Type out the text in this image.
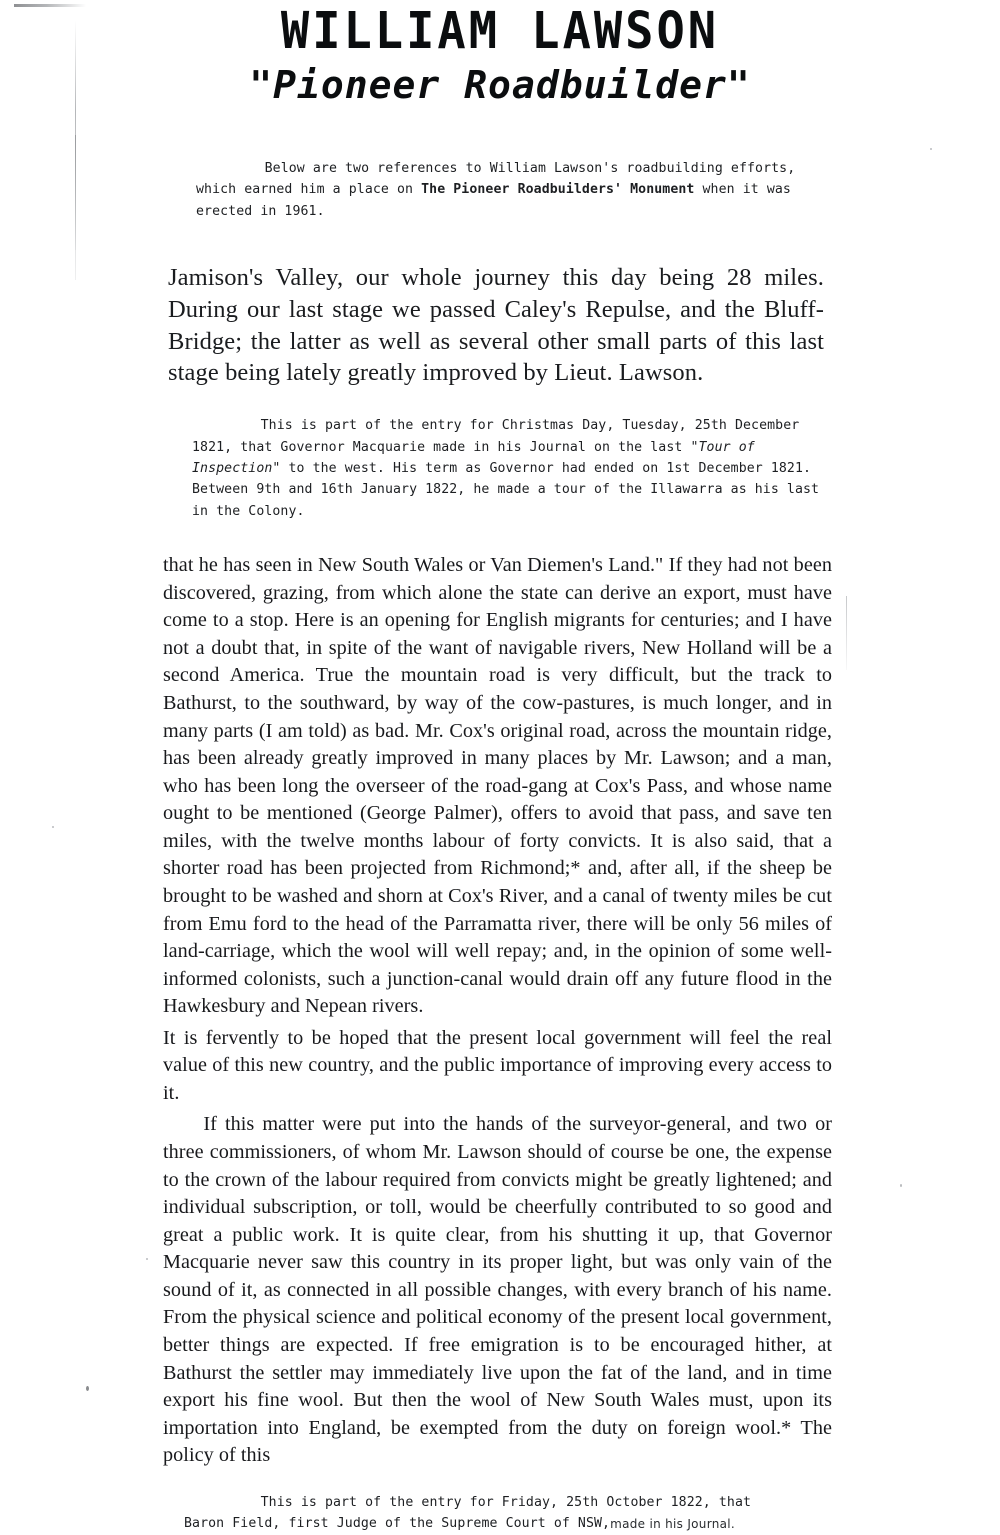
WILLIAM LAWSON
"Pioneer Roadbuilder"
Below are two references to William Lawson's roadbuilding efforts, which earned him a place on The Pioneer Roadbuilders' Monument when it was erected in 1961.
Jamison's Valley, our whole journey this day being 28 miles. During our last stage we passed Caley's Repulse, and the Bluff-Bridge; the latter as well as several other small parts of this last stage being lately greatly improved by Lieut. Lawson.
This is part of the entry for Christmas Day, Tuesday, 25th December 1821, that Governor Macquarie made in his Journal on the last "Tour of Inspection" to the west. His term as Governor had ended on 1st December 1821. Between 9th and 16th January 1822, he made a tour of the Illawarra as his last in the Colony.

that he has seen in New South Wales or Van Diemen's Land." If they had not been discovered, grazing, from which alone the state can derive an export, must have come to a stop. Here is an opening for English migrants for centuries; and I have not a doubt that, in spite of the want of navigable rivers, New Holland will be a second America. True the mountain road is very difficult, but the track to Bathurst, to the southward, by way of the cow-pastures, is much longer, and in many parts (I am told) as bad. Mr. Cox's original road, across the mountain ridge, has been already greatly improved in many places by Mr. Lawson; and a man, who has been long the overseer of the road-gang at Cox's Pass, and whose name ought to be mentioned (George Palmer), offers to avoid that pass, and save ten miles, with the twelve months labour of forty convicts. It is also said, that a shorter road has been projected from Richmond;* and, after all, if the sheep be brought to be washed and shorn at Cox's River, and a canal of twenty miles be cut from Emu ford to the head of the Parramatta river, there will be only 56 miles of land-carriage, which the wool will well repay; and, in the opinion of some well-informed colonists, such a junction-canal would drain off any future flood in the Hawkesbury and Nepean rivers.

It is fervently to be hoped that the present local government will feel the real value of this new country, and the public importance of improving every access to it.

If this matter were put into the hands of the surveyor-general, and two or three commissioners, of whom Mr. Lawson should of course be one, the expense to the crown of the labour required from convicts might be greatly lightened; and individual subscription, or toll, would be cheerfully contributed to so good and great a public work. It is quite clear, from his shutting it up, that Governor Macquarie never saw this country in its proper light, but was only vain of the sound of it, as connected in all possible changes, with every branch of his name. From the physical science and political economy of the present local government, better things are expected. If free emigration is to be encouraged hither, at Bathurst the settler may immediately live upon the fat of the land, and in time export his fine wool. But then the wool of New South Wales must, upon its importation into England, be exempted from the duty on foreign wool.* The policy of this

This is part of the entry for Friday, 25th October 1822, that
Baron Field, first Judge of the Supreme Court of NSW,made in his Journal.
